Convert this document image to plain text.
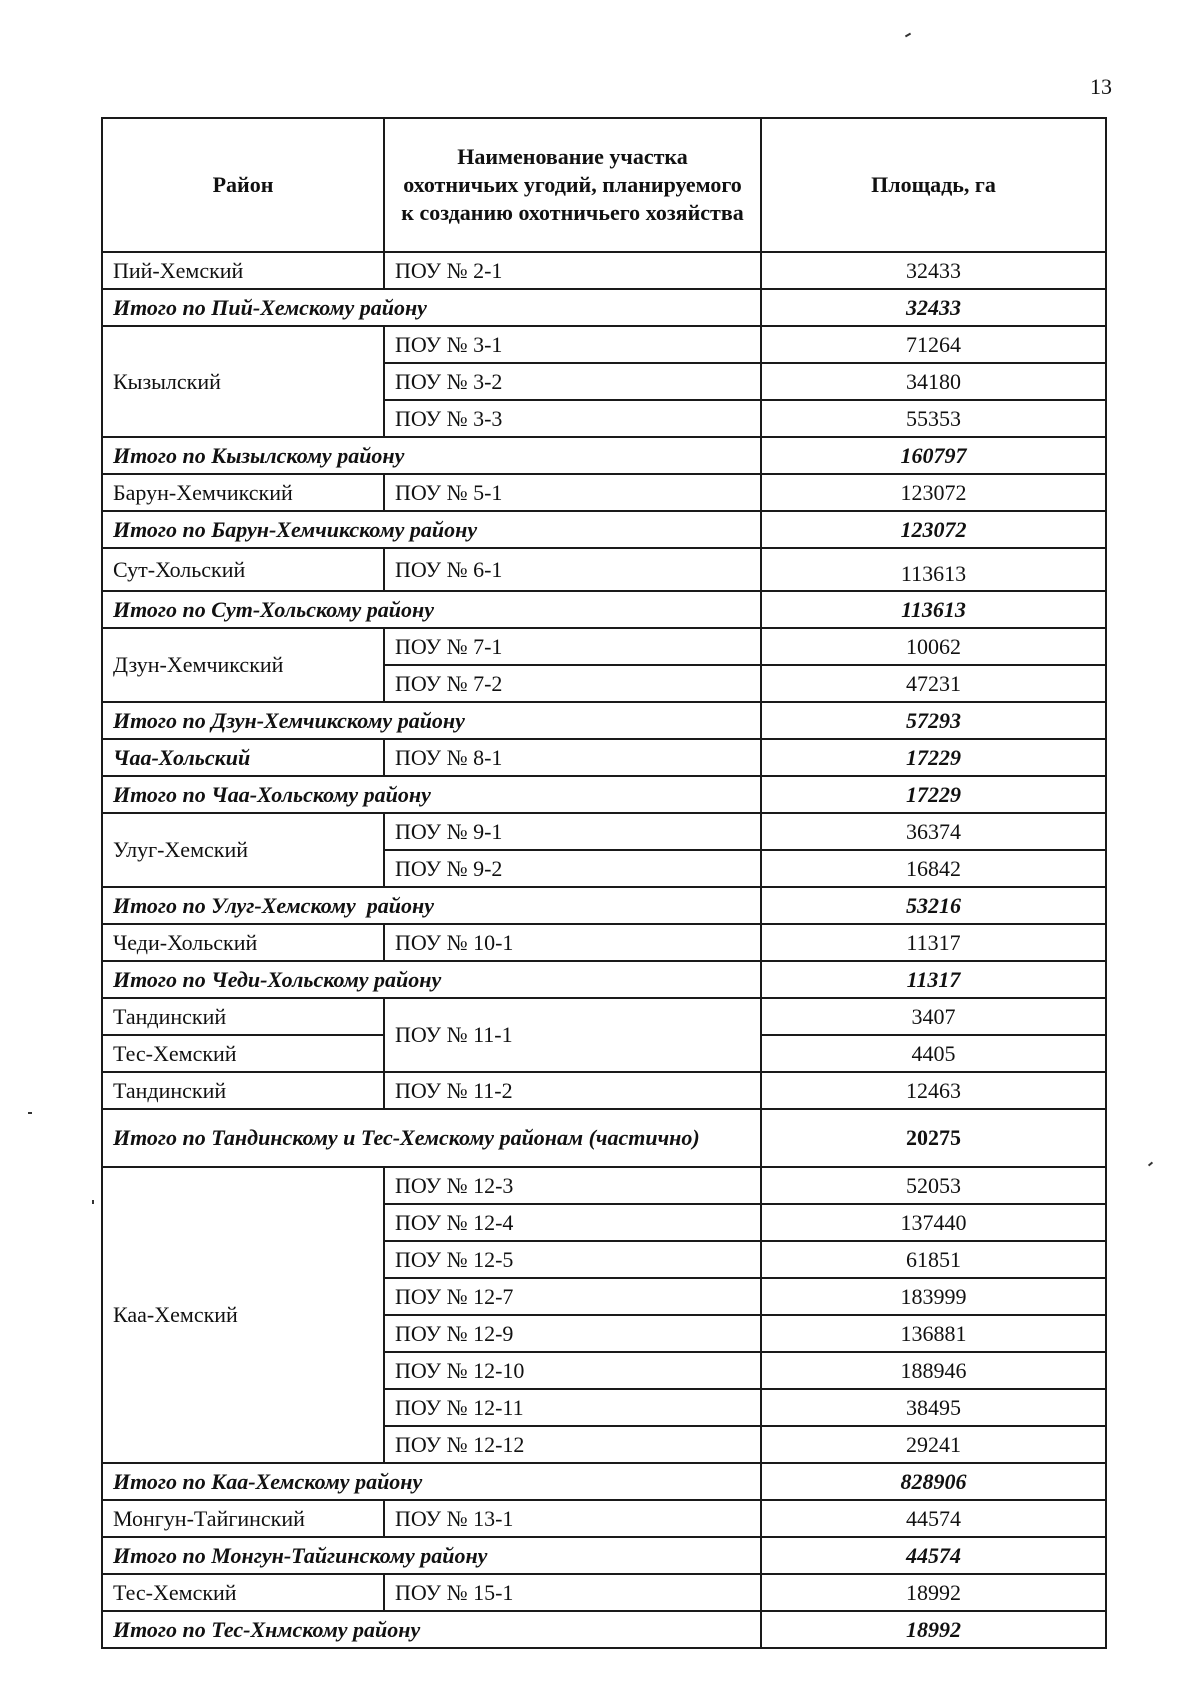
13
Район	Наименование участка охотничьих угодий, планируемого к созданию охотничьего хозяйства	Площадь, га
Пий-Хемский	ПОУ № 2-1	32433
Итого по Пий-Хемскому району		32433
Кызылский	ПОУ № 3-1	71264
	ПОУ № 3-2	34180
	ПОУ № 3-3	55353
Итого по Кызылскому району		160797
Барун-Хемчикский	ПОУ № 5-1	123072
Итого по Барун-Хемчикскому району		123072
Сут-Хольский	ПОУ № 6-1	113613
Итого по Сут-Хольскому району		113613
Дзун-Хемчикский	ПОУ № 7-1	10062
	ПОУ № 7-2	47231
Итого по Дзун-Хемчикскому району		57293
Чаа-Хольский	ПОУ № 8-1	17229
Итого по Чаа-Хольскому району		17229
Улуг-Хемский	ПОУ № 9-1	36374
	ПОУ № 9-2	16842
Итого по Улуг-Хемскому  району		53216
Чеди-Хольский	ПОУ № 10-1	11317
Итого по Чеди-Хольскому району		11317
Тандинский	ПОУ № 11-1	3407
Тес-Хемский		4405
Тандинский	ПОУ № 11-2	12463
Итого по Тандинскому и Тес-Хемскому районам (частично)		20275
Каа-Хемский	ПОУ № 12-3	52053
	ПОУ № 12-4	137440
	ПОУ № 12-5	61851
	ПОУ № 12-7	183999
	ПОУ № 12-9	136881
	ПОУ № 12-10	188946
	ПОУ № 12-11	38495
	ПОУ № 12-12	29241
Итого по Каа-Хемскому району		828906
Монгун-Тайгинский	ПОУ № 13-1	44574
Итого по Монгун-Тайгинскому району		44574
Тес-Хемский	ПОУ № 15-1	18992
Итого по Тес-Хнмскому району		18992
